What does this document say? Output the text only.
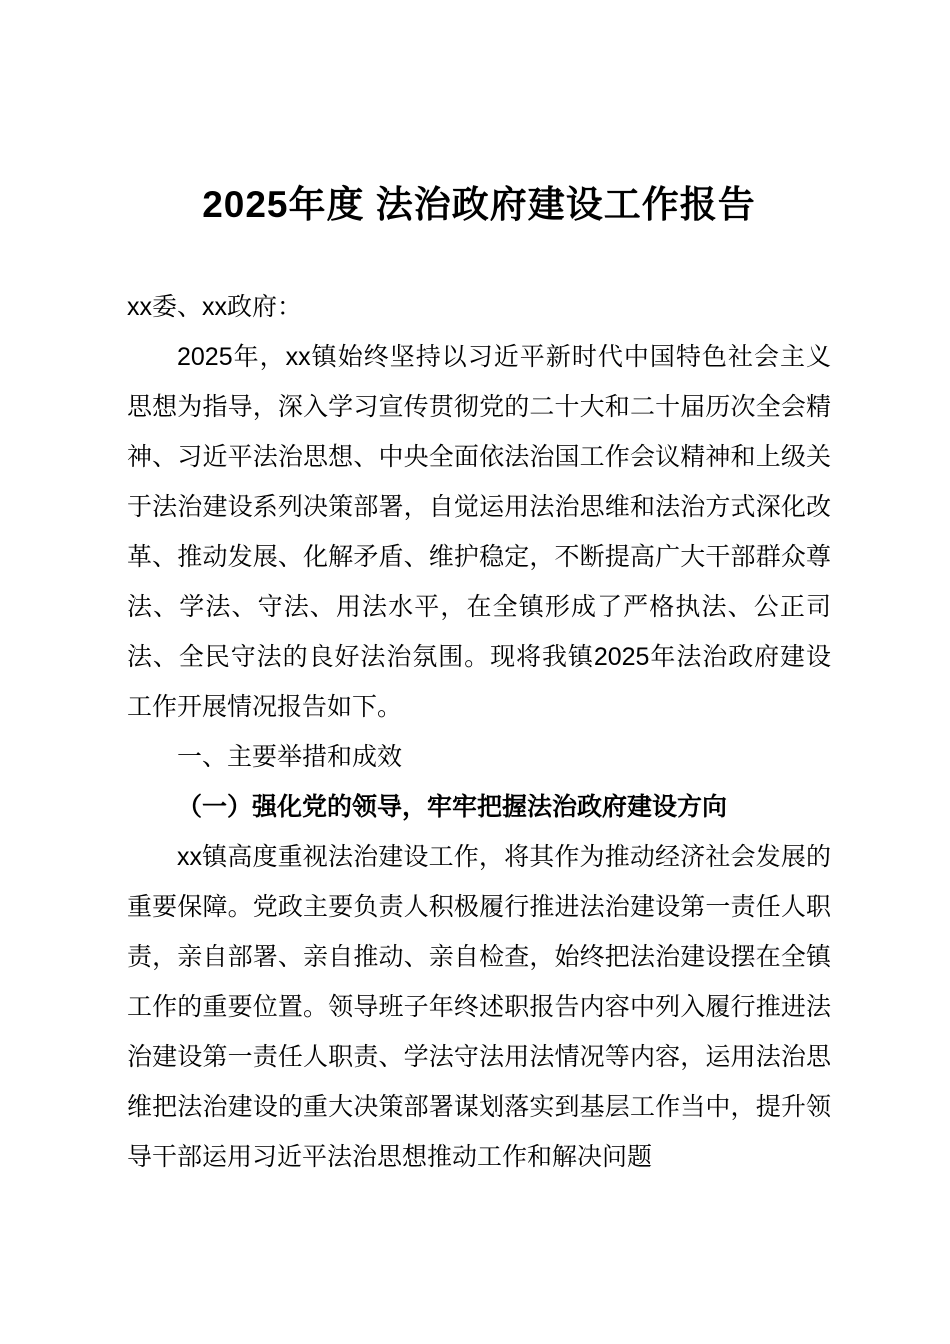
2025年度 法治政府建设工作报告

xx委、xx政府：

2025年，xx镇始终坚持以习近平新时代中国特色社会主义思想为指导，深入学习宣传贯彻党的二十大和二十届历次全会精神、习近平法治思想、中央全面依法治国工作会议精神和上级关于法治建设系列决策部署，自觉运用法治思维和法治方式深化改革、推动发展、化解矛盾、维护稳定，不断提高广大干部群众尊法、学法、守法、用法水平，在全镇形成了严格执法、公正司法、全民守法的良好法治氛围。现将我镇2025年法治政府建设工作开展情况报告如下。

一、主要举措和成效

（一）强化党的领导，牢牢把握法治政府建设方向

xx镇高度重视法治建设工作，将其作为推动经济社会发展的重要保障。党政主要负责人积极履行推进法治建设第一责任人职责，亲自部署、亲自推动、亲自检查，始终把法治建设摆在全镇工作的重要位置。领导班子年终述职报告内容中列入履行推进法治建设第一责任人职责、学法守法用法情况等内容，运用法治思维把法治建设的重大决策部署谋划落实到基层工作当中，提升领导干部运用习近平法治思想推动工作和解决问题
